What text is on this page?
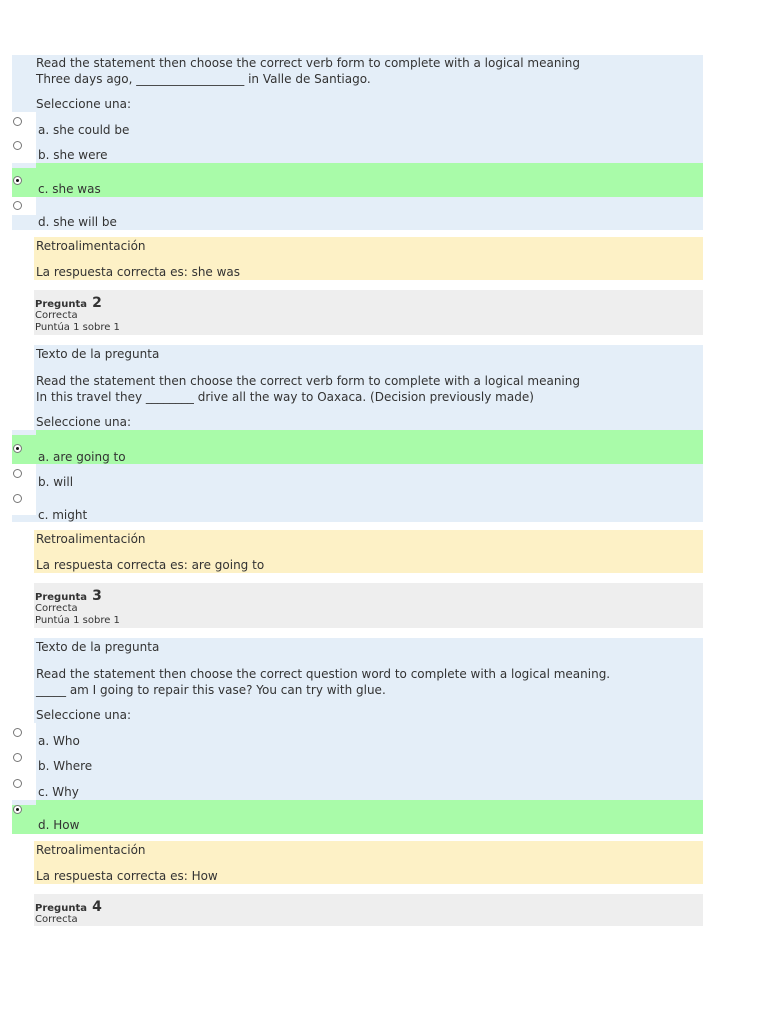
Read the statement then choose the correct verb form to complete with a logical meaning
Three days ago, __________________ in Valle de Santiago.
Seleccione una:
a. she could be
b. she were
c. she was
d. she will be
Retroalimentación
La respuesta correcta es: she was
Pregunta 2
Correcta
Puntúa 1 sobre 1
Texto de la pregunta
Read the statement then choose the correct verb form to complete with a logical meaning
In this travel they ________ drive all the way to Oaxaca. (Decision previously made)
Seleccione una:
a. are going to
b. will
c. might
Retroalimentación
La respuesta correcta es: are going to
Pregunta 3
Correcta
Puntúa 1 sobre 1
Texto de la pregunta
Read the statement then choose the correct question word to complete with a logical meaning.
_____ am I going to repair this vase? You can try with glue.
Seleccione una:
a. Who
b. Where
c. Why
d. How
Retroalimentación
La respuesta correcta es: How
Pregunta 4
Correcta
